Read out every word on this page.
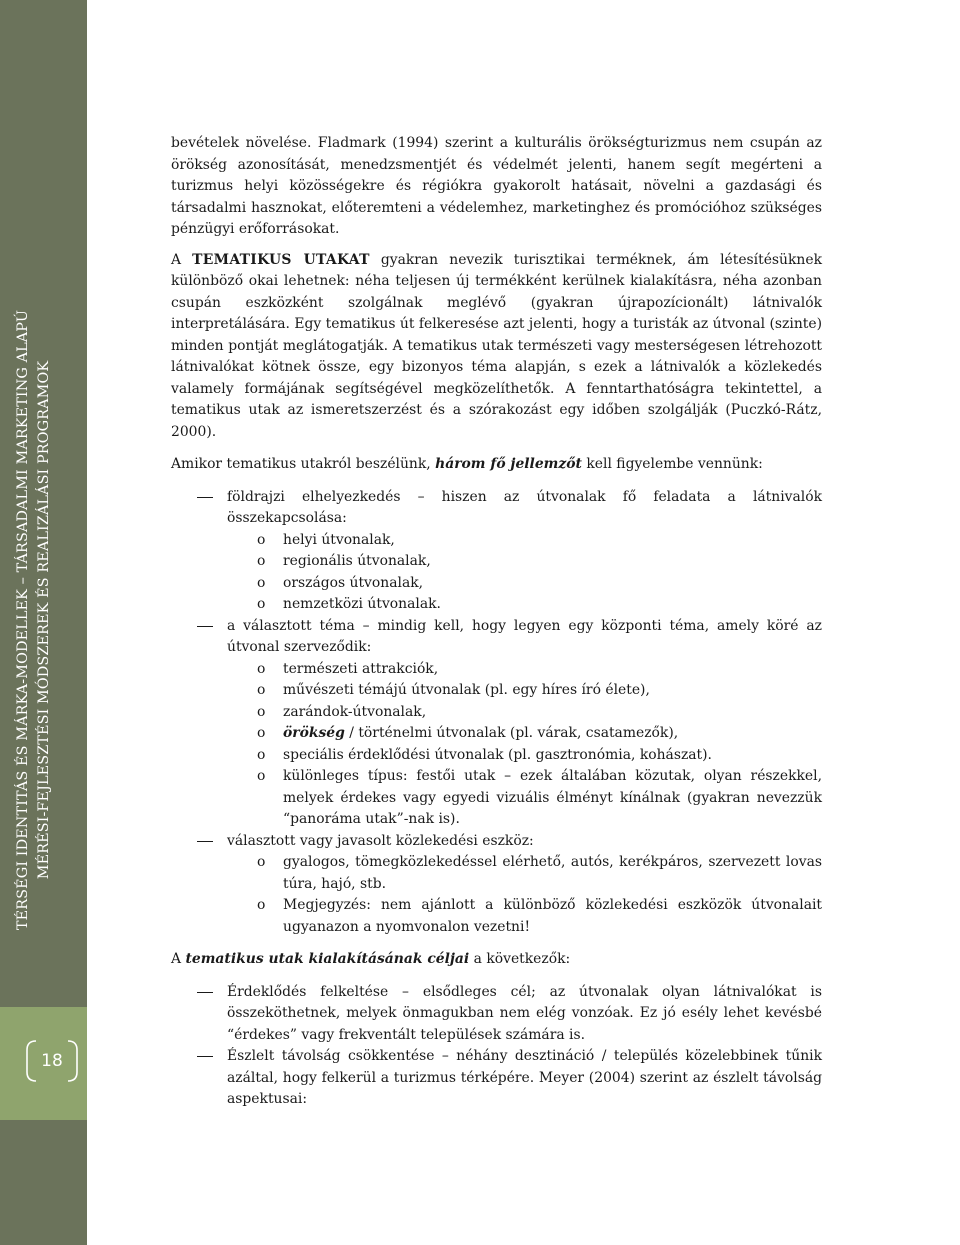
TÉRSÉGI IDENTITÁS ÉS MÁRKA-MODELLEK – TÁRSADALMI MARKETING ALAPÚ MÉRÉSI-FEJLESZTÉSI MÓDSZEREK ÉS REALIZÁLÁSI PROGRAMOK
18

bevételek növelése. Fladmark (1994) szerint a kulturális örökségturizmus nem csupán az örökség azonosítását, menedzsmentjét és védelmét jelenti, hanem segít megérteni a turizmus helyi közösségekre és régiókra gyakorolt hatásait, növelni a gazdasági és társadalmi hasznokat, előteremteni a védelemhez, marketinghez és promócióhoz szükséges pénzügyi erőforrásokat.

A TEMATIKUS UTAKAT gyakran nevezik turisztikai terméknek, ám létesítésüknek különböző okai lehetnek: néha teljesen új termékként kerülnek kialakításra, néha azonban csupán eszközként szolgálnak meglévő (gyakran újrapozícionált) látnivalók interpretálására. Egy tematikus út felkeresése azt jelenti, hogy a turisták az útvonal (szinte) minden pontját meglátogatják. A tematikus utak természeti vagy mesterségesen létrehozott látnivalókat kötnek össze, egy bizonyos téma alapján, s ezek a látnivalók a közlekedés valamely formájának segítségével megközelíthetők. A fenntarthatóságra tekintettel, a tematikus utak az ismeretszerzést és a szórakozást egy időben szolgálják (Puczkó-Rátz, 2000).

Amikor tematikus utakról beszélünk, három fő jellemzőt kell figyelembe vennünk:

földrajzi elhelyezkedés – hiszen az útvonalak fő feladata a látnivalók összekapcsolása:
o helyi útvonalak,
o regionális útvonalak,
o országos útvonalak,
o nemzetközi útvonalak.
a választott téma – mindig kell, hogy legyen egy központi téma, amely köré az útvonal szerveződik:
o természeti attrakciók,
o művészeti témájú útvonalak (pl. egy híres író élete),
o zarándok-útvonalak,
o örökség / történelmi útvonalak (pl. várak, csatamezők),
o speciális érdeklődési útvonalak (pl. gasztronómia, kohászat).
o különleges típus: festői utak – ezek általában közutak, olyan részekkel, melyek érdekes vagy egyedi vizuális élményt kínálnak (gyakran nevezzük “panoráma utak”-nak is).
választott vagy javasolt közlekedési eszköz:
o gyalogos, tömegközlekedéssel elérhető, autós, kerékpáros, szervezett lovas túra, hajó, stb.
o Megjegyzés: nem ajánlott a különböző közlekedési eszközök útvonalait ugyanazon a nyomvonalon vezetni!

A tematikus utak kialakításának céljai a következők:

Érdeklődés felkeltése – elsődleges cél; az útvonalak olyan látnivalókat is összeköthetnek, melyek önmagukban nem elég vonzóak. Ez jó esély lehet kevésbé “érdekes” vagy frekventált települések számára is.
Észlelt távolság csökkentése – néhány desztináció / település közelebbinek tűnik azáltal, hogy felkerül a turizmus térképére. Meyer (2004) szerint az észlelt távolság aspektusai:
